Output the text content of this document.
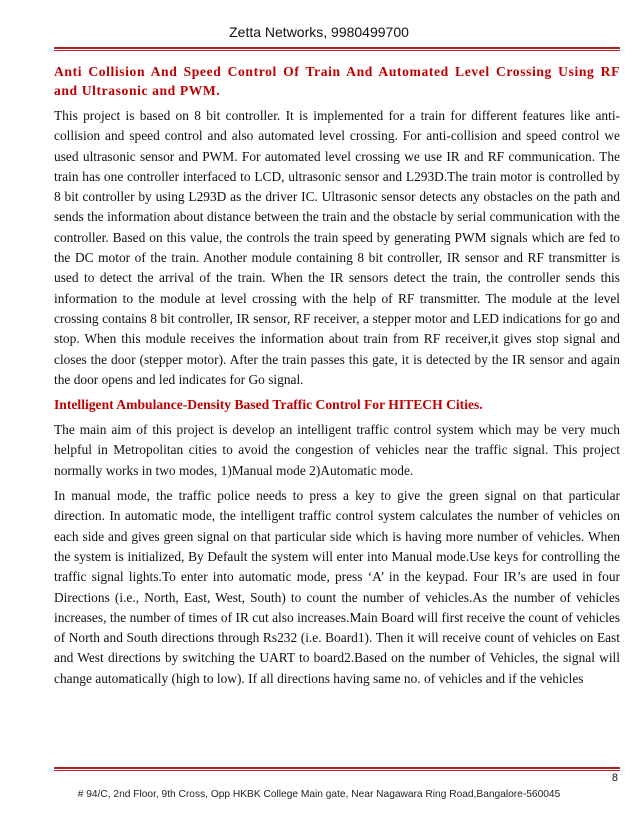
Zetta Networks, 9980499700
Anti Collision And Speed Control Of Train And Automated Level Crossing Using RF and Ultrasonic and PWM.

This project is based on 8 bit controller. It is implemented for a train for different features like anti-collision and speed control and also automated level crossing. For anti-collision and speed control we used ultrasonic sensor and PWM. For automated level crossing we use IR and RF communication. The train has one controller interfaced to LCD, ultrasonic sensor and L293D.The train motor is controlled by 8 bit controller by using L293D as the driver IC. Ultrasonic sensor detects any obstacles on the path and sends the information about distance between the train and the obstacle by serial communication with the controller. Based on this value, the controls the train speed by generating PWM signals which are fed to the DC motor of the train. Another module containing 8 bit controller, IR sensor and RF transmitter is used to detect the arrival of the train. When the IR sensors detect the train, the controller sends this information to the module at level crossing with the help of RF transmitter. The module at the level crossing contains 8 bit controller, IR sensor, RF receiver, a stepper motor and LED indications for go and stop. When this module receives the information about train from RF receiver,it gives stop signal and closes the door (stepper motor). After the train passes this gate, it is detected by the IR sensor and again the door opens and led indicates for Go signal.

Intelligent Ambulance-Density Based Traffic Control For HITECH Cities.

The main aim of this project is develop an intelligent traffic control system which may be very much helpful in Metropolitan cities to avoid the congestion of vehicles near the traffic signal. This project normally works in two modes, 1)Manual mode 2)Automatic mode.

In manual mode, the traffic police needs to press a key to give the green signal on that particular direction. In automatic mode, the intelligent traffic control system calculates the number of vehicles on each side and gives green signal on that particular side which is having more number of vehicles. When the system is initialized, By Default the system will enter into Manual mode.Use keys for controlling the traffic signal lights.To enter into automatic mode, press ‘A’ in the keypad. Four IR’s are used in four Directions (i.e., North, East, West, South) to count the number of vehicles.As the number of vehicles increases, the number of times of IR cut also increases.Main Board will first receive the count of vehicles of North and South directions through Rs232 (i.e. Board1). Then it will receive count of vehicles on East and West directions by switching the UART to board2.Based on the number of Vehicles, the signal will change automatically (high to low). If all directions having same no. of vehicles and if the vehicles

8
# 94/C, 2nd Floor, 9th Cross, Opp HKBK College Main gate, Near Nagawara Ring Road,Bangalore-560045
